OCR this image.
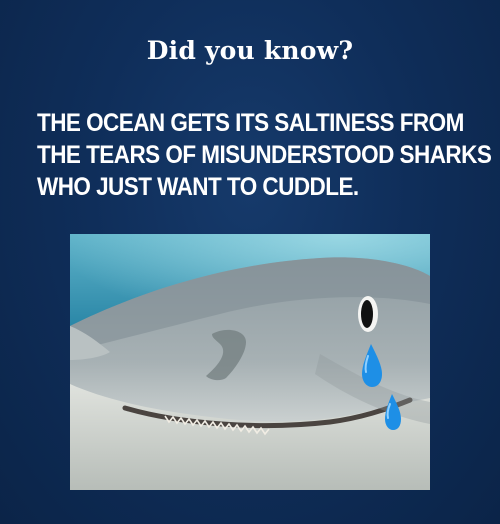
Did you know?
THE OCEAN GETS ITS SALTINESS FROM
THE TEARS OF MISUNDERSTOOD SHARKS
WHO JUST WANT TO CUDDLE.
